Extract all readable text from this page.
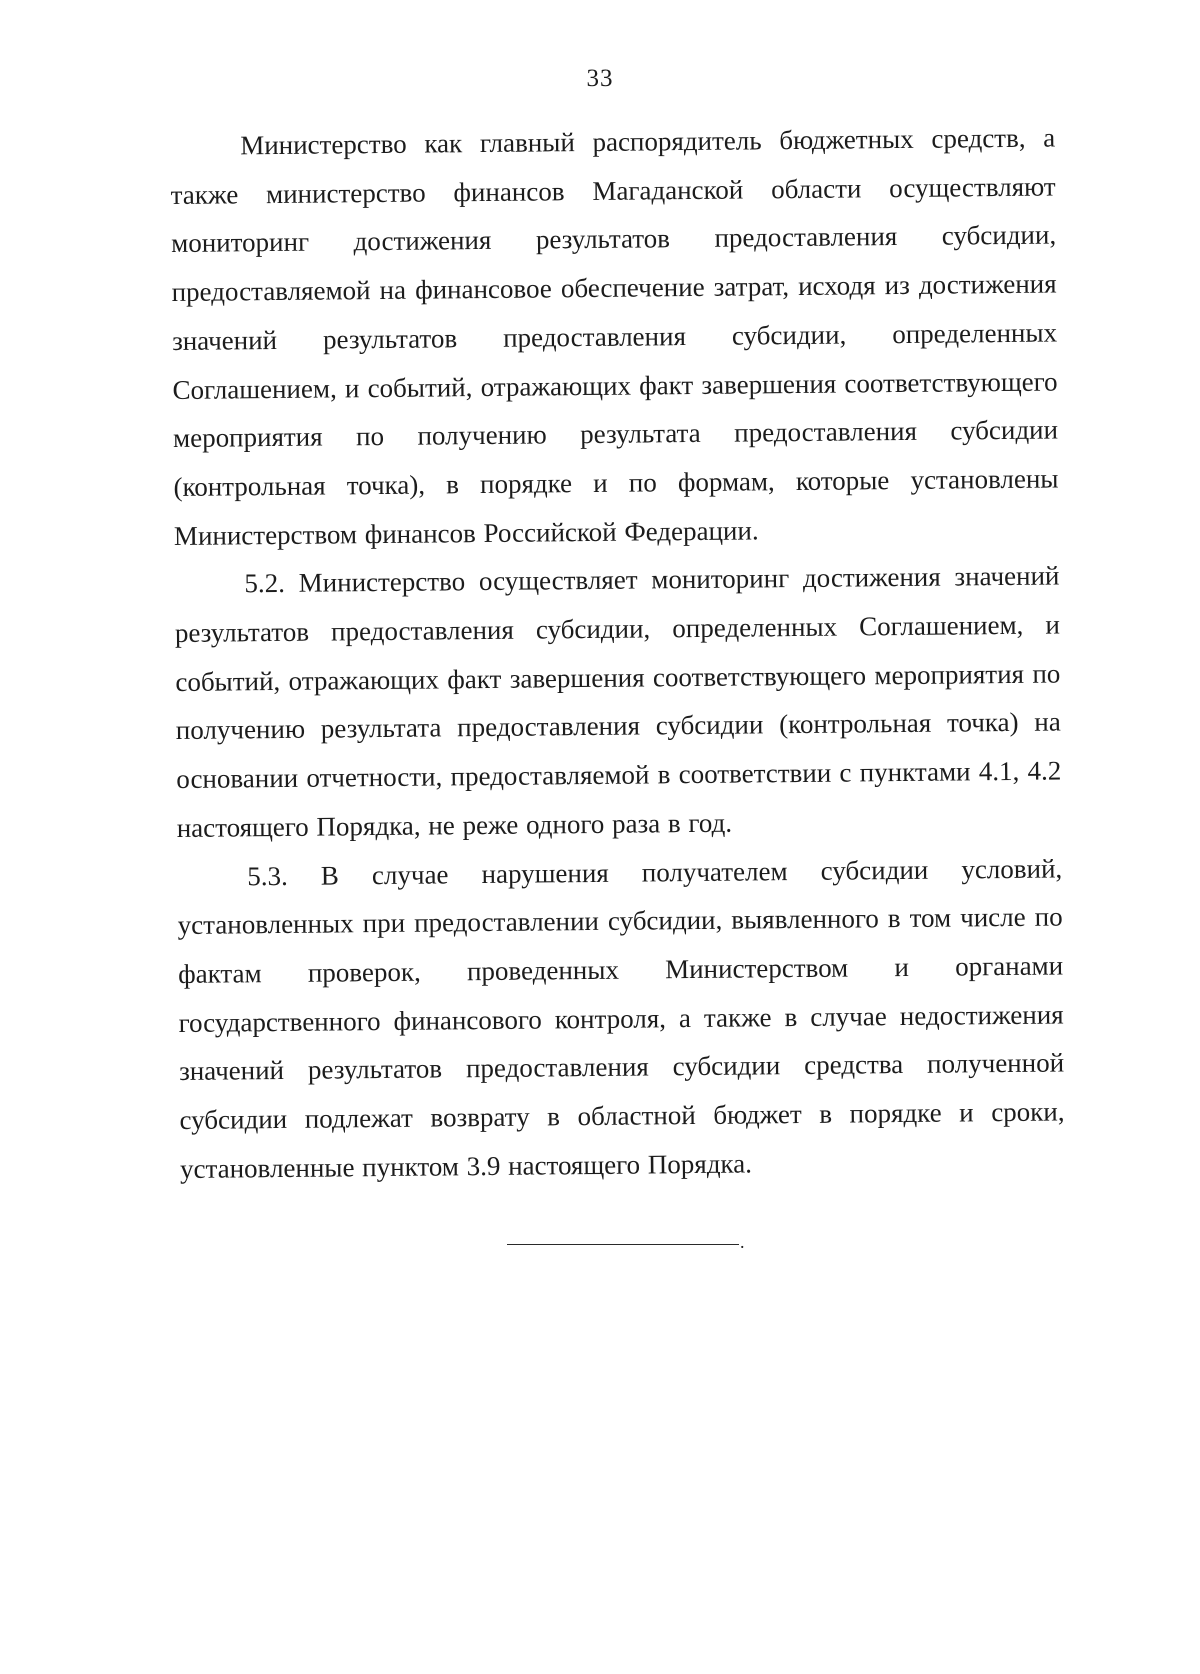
33

Министерство как главный распорядитель бюджетных средств, а также министерство финансов Магаданской области осуществляют мониторинг достижения результатов предоставления субсидии, предоставляемой на финансовое обеспечение затрат, исходя из достижения значений результатов предоставления субсидии, определенных Соглашением, и событий, отражающих факт завершения соответствующего мероприятия по получению результата предоставления субсидии (контрольная точка), в порядке и по формам, которые установлены Министерством финансов Российской Федерации.

5.2. Министерство осуществляет мониторинг достижения значений результатов предоставления субсидии, определенных Соглашением, и событий, отражающих факт завершения соответствующего мероприятия по получению результата предоставления субсидии (контрольная точка) на основании отчетности, предоставляемой в соответствии с пунктами 4.1, 4.2 настоящего Порядка, не реже одного раза в год.

5.3. В случае нарушения получателем субсидии условий, установленных при предоставлении субсидии, выявленного в том числе по фактам проверок, проведенных Министерством и органами государственного финансового контроля, а также в случае недостижения значений результатов предоставления субсидии средства полученной субсидии подлежат возврату в областной бюджет в порядке и сроки, установленные пунктом 3.9 настоящего Порядка.

.
